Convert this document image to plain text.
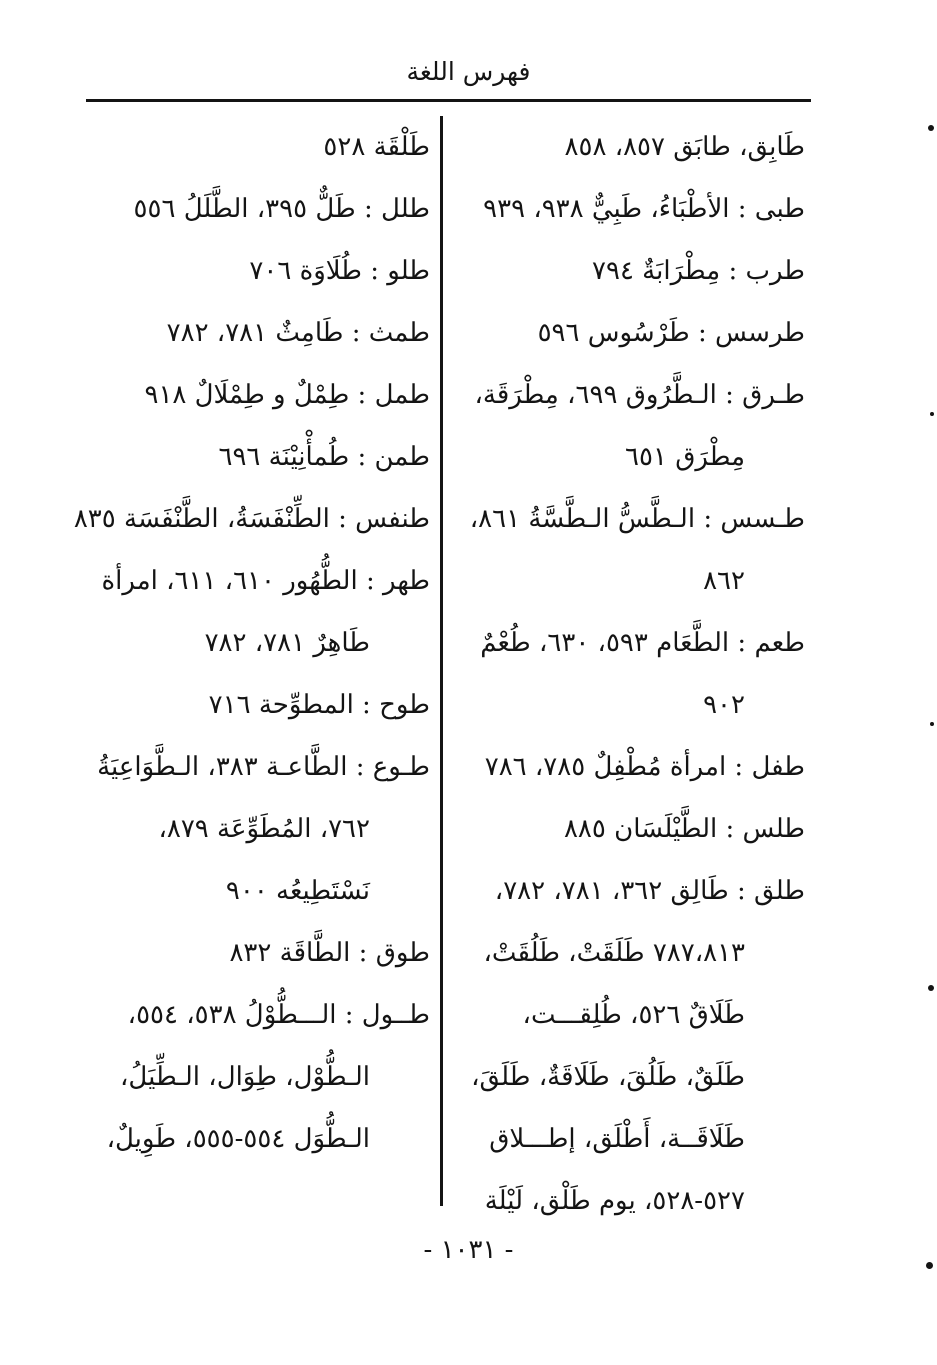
فهرس اللغة
طَابِق، طابَق ٨٥٧، ٨٥٨
طبى : الأطْبَاءُ، طَبِيٌّ ٩٣٨، ٩٣٩
طرب : مِطْرَابَةٌ ٧٩٤
طرسس : طَرْسُوس ٥٩٦
طـرق : الـطَّرُوق ٦٩٩، مِطْرَقَة،
مِطْرَق ٦٥١
طـسس : الـطَّسُّ الـطَّسَّةُ ٨٦١،
٨٦٢
طعم : الطَّعَام ٥٩٣، ٦٣٠، طُعْمٌ
٩٠٢
طفل : امرأة مُطْفِلٌ ٧٨٥، ٧٨٦
طلس : الطَّيْلَسَان ٨٨٥
طلق : طَالِق ٣٦٢، ٧٨١، ٧٨٢،
٧٨٧،٨١٣ طَلَقَتْ، طَلُقَتْ،
طَلَاقٌ ٥٢٦، طُلِقـــت،
طَلَقٌ، طَلُقَ، طَلَاقَةٌ، طَلَقَ،
طَلَاقَــة، أَطْلَق، إطـــلاق
٥٢٧-٥٢٨، يوم طَلْق، لَيْلَة
طَلْقَة ٥٢٨
طلل : طَلٌّ ٣٩٥، الطَّلَلُ ٥٥٦
طلو : طُلَاوَة ٧٠٦
طمث : طَامِثٌ ٧٨١، ٧٨٢
طمل : طِمْلٌ و طِمْلَالٌ ٩١٨
طمن : طُمأْنِيْنَة ٦٩٦
طنفس : الطِّنْفَسَةُ، الطَّنْفَسَة ٨٣٥
طهر : الطُّهُور ٦١٠، ٦١١، امرأة
طَاهِرٌ ٧٨١، ٧٨٢
طوح : المطوِّحة ٧١٦
طـوع : الطَّاعـة ٣٨٣، الـطَّوَاعِيَةُ
٧٦٢، المُطَوِّعَة ٨٧٩،
نَسْتَطِيعُه ٩٠٠
طوق : الطَّاقَة ٨٣٢
طــول : الـــطُّوْلُ ٥٣٨، ٥٥٤،
الـطُّوْل، طِوَال، الـطِّيَلُ،
الـطُّوَل ٥٥٤-٥٥٥، طَوِيلٌ،
- ١٠٣١ -
